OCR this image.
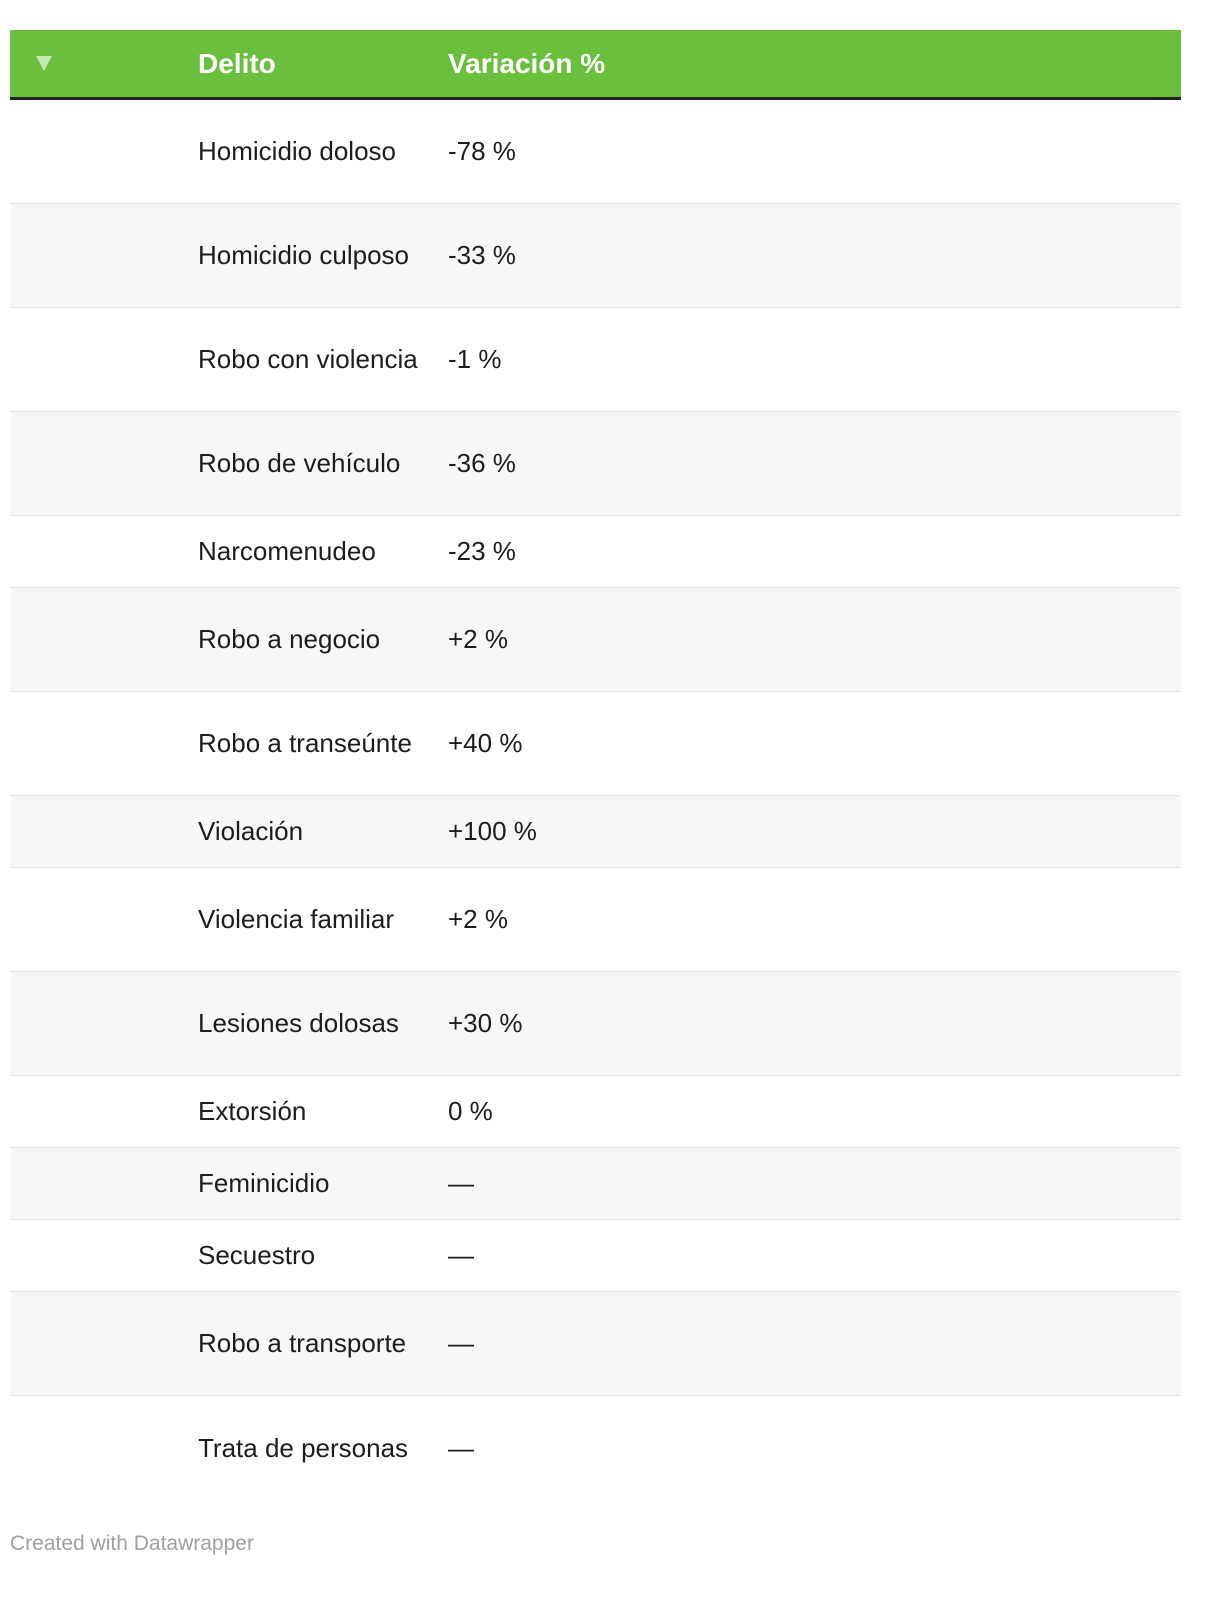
Delito	Variación %
Homicidio doloso	-78 %
Homicidio culposo	-33 %
Robo con violencia	-1 %
Robo de vehículo	-36 %
Narcomenudeo	-23 %
Robo a negocio	+2 %
Robo a transeúnte	+40 %
Violación	+100 %
Violencia familiar	+2 %
Lesiones dolosas	+30 %
Extorsión	0 %
Feminicidio	—
Secuestro	—
Robo a transporte	—
Trata de personas	—
Created with Datawrapper
